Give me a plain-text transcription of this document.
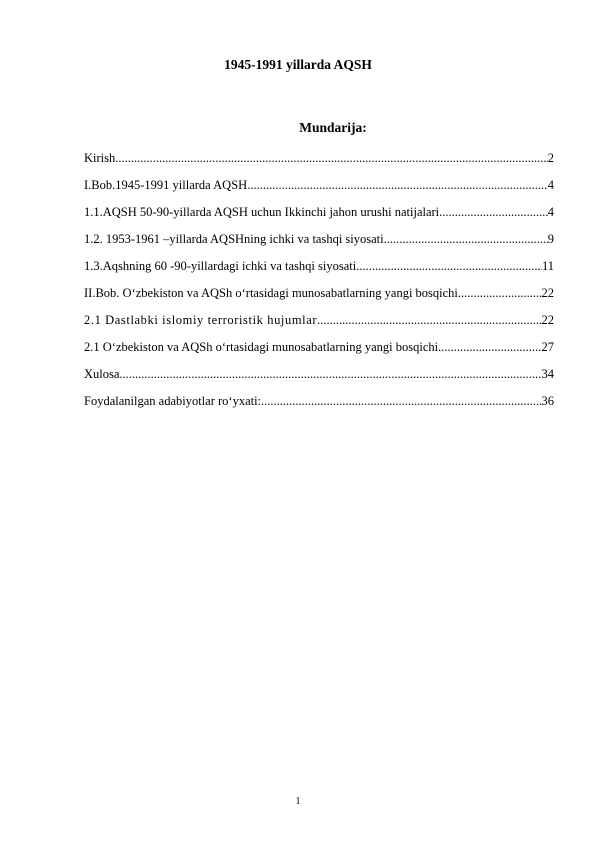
1945-1991 yillarda AQSH
Mundarija:
Kirish .....	2
I.Bob.1945-1991 yillarda AQSH .....	4
1.1.AQSH 50-90-yillarda AQSH uchun Ikkinchi jahon urushi natijalari .....	4
1.2. 1953-1961 –yillarda AQSHning ichki va tashqi siyosati .....	9
1.3.Aqshning 60 -90-yillardagi ichki va tashqi siyosati .....	11
II.Bob. O‘zbekiston va AQSh o‘rtasidagi munosabatlarning yangi bosqichi .....	22
2.1 Dastlabki islomiy terroristik hujumlar .....	22
2.1 O‘zbekiston va AQSh o‘rtasidagi munosabatlarning yangi bosqichi .....	27
Xulosa .....	34
Foydalanilgan adabiyotlar ro‘yxati: .....	36
1
